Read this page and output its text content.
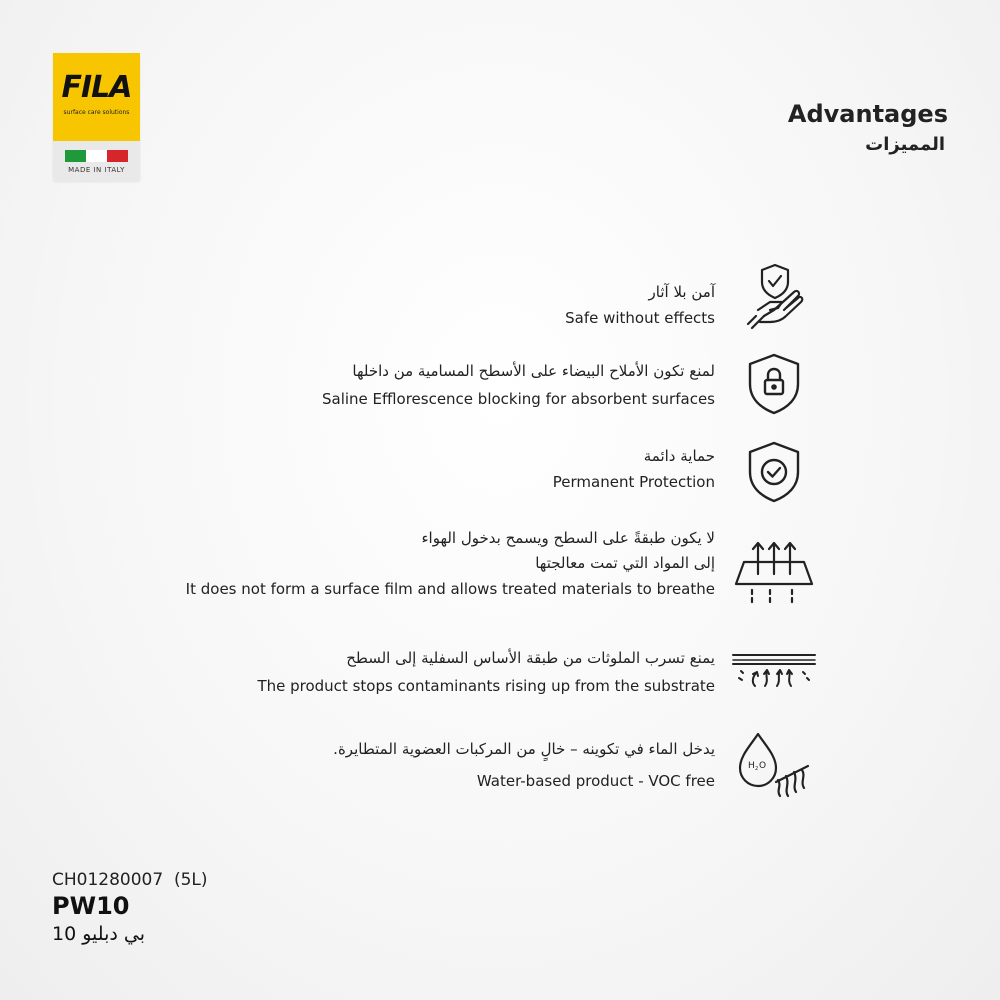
FILA
surface care solutions
MADE IN ITALY
Advantages
المميزات
آمن بلا آثار
Safe without effects
لمنع تكون الأملاح البيضاء على الأسطح المسامية من داخلها
Saline Efflorescence blocking for absorbent surfaces
حماية دائمة
Permanent Protection
لا يكون طبقةً على السطح ويسمح بدخول الهواء
إلى المواد التي تمت معالجتها
It does not form a surface film and allows treated materials to breathe
يمنع تسرب الملوثات من طبقة الأساس السفلية إلى السطح
The product stops contaminants rising up from the substrate
يدخل الماء في تكوينه – خالٍ من المركبات العضوية المتطايرة.
Water-based product - VOC free
H 2 O
CH01280007  (5L)
PW10
بي دبليو 10
